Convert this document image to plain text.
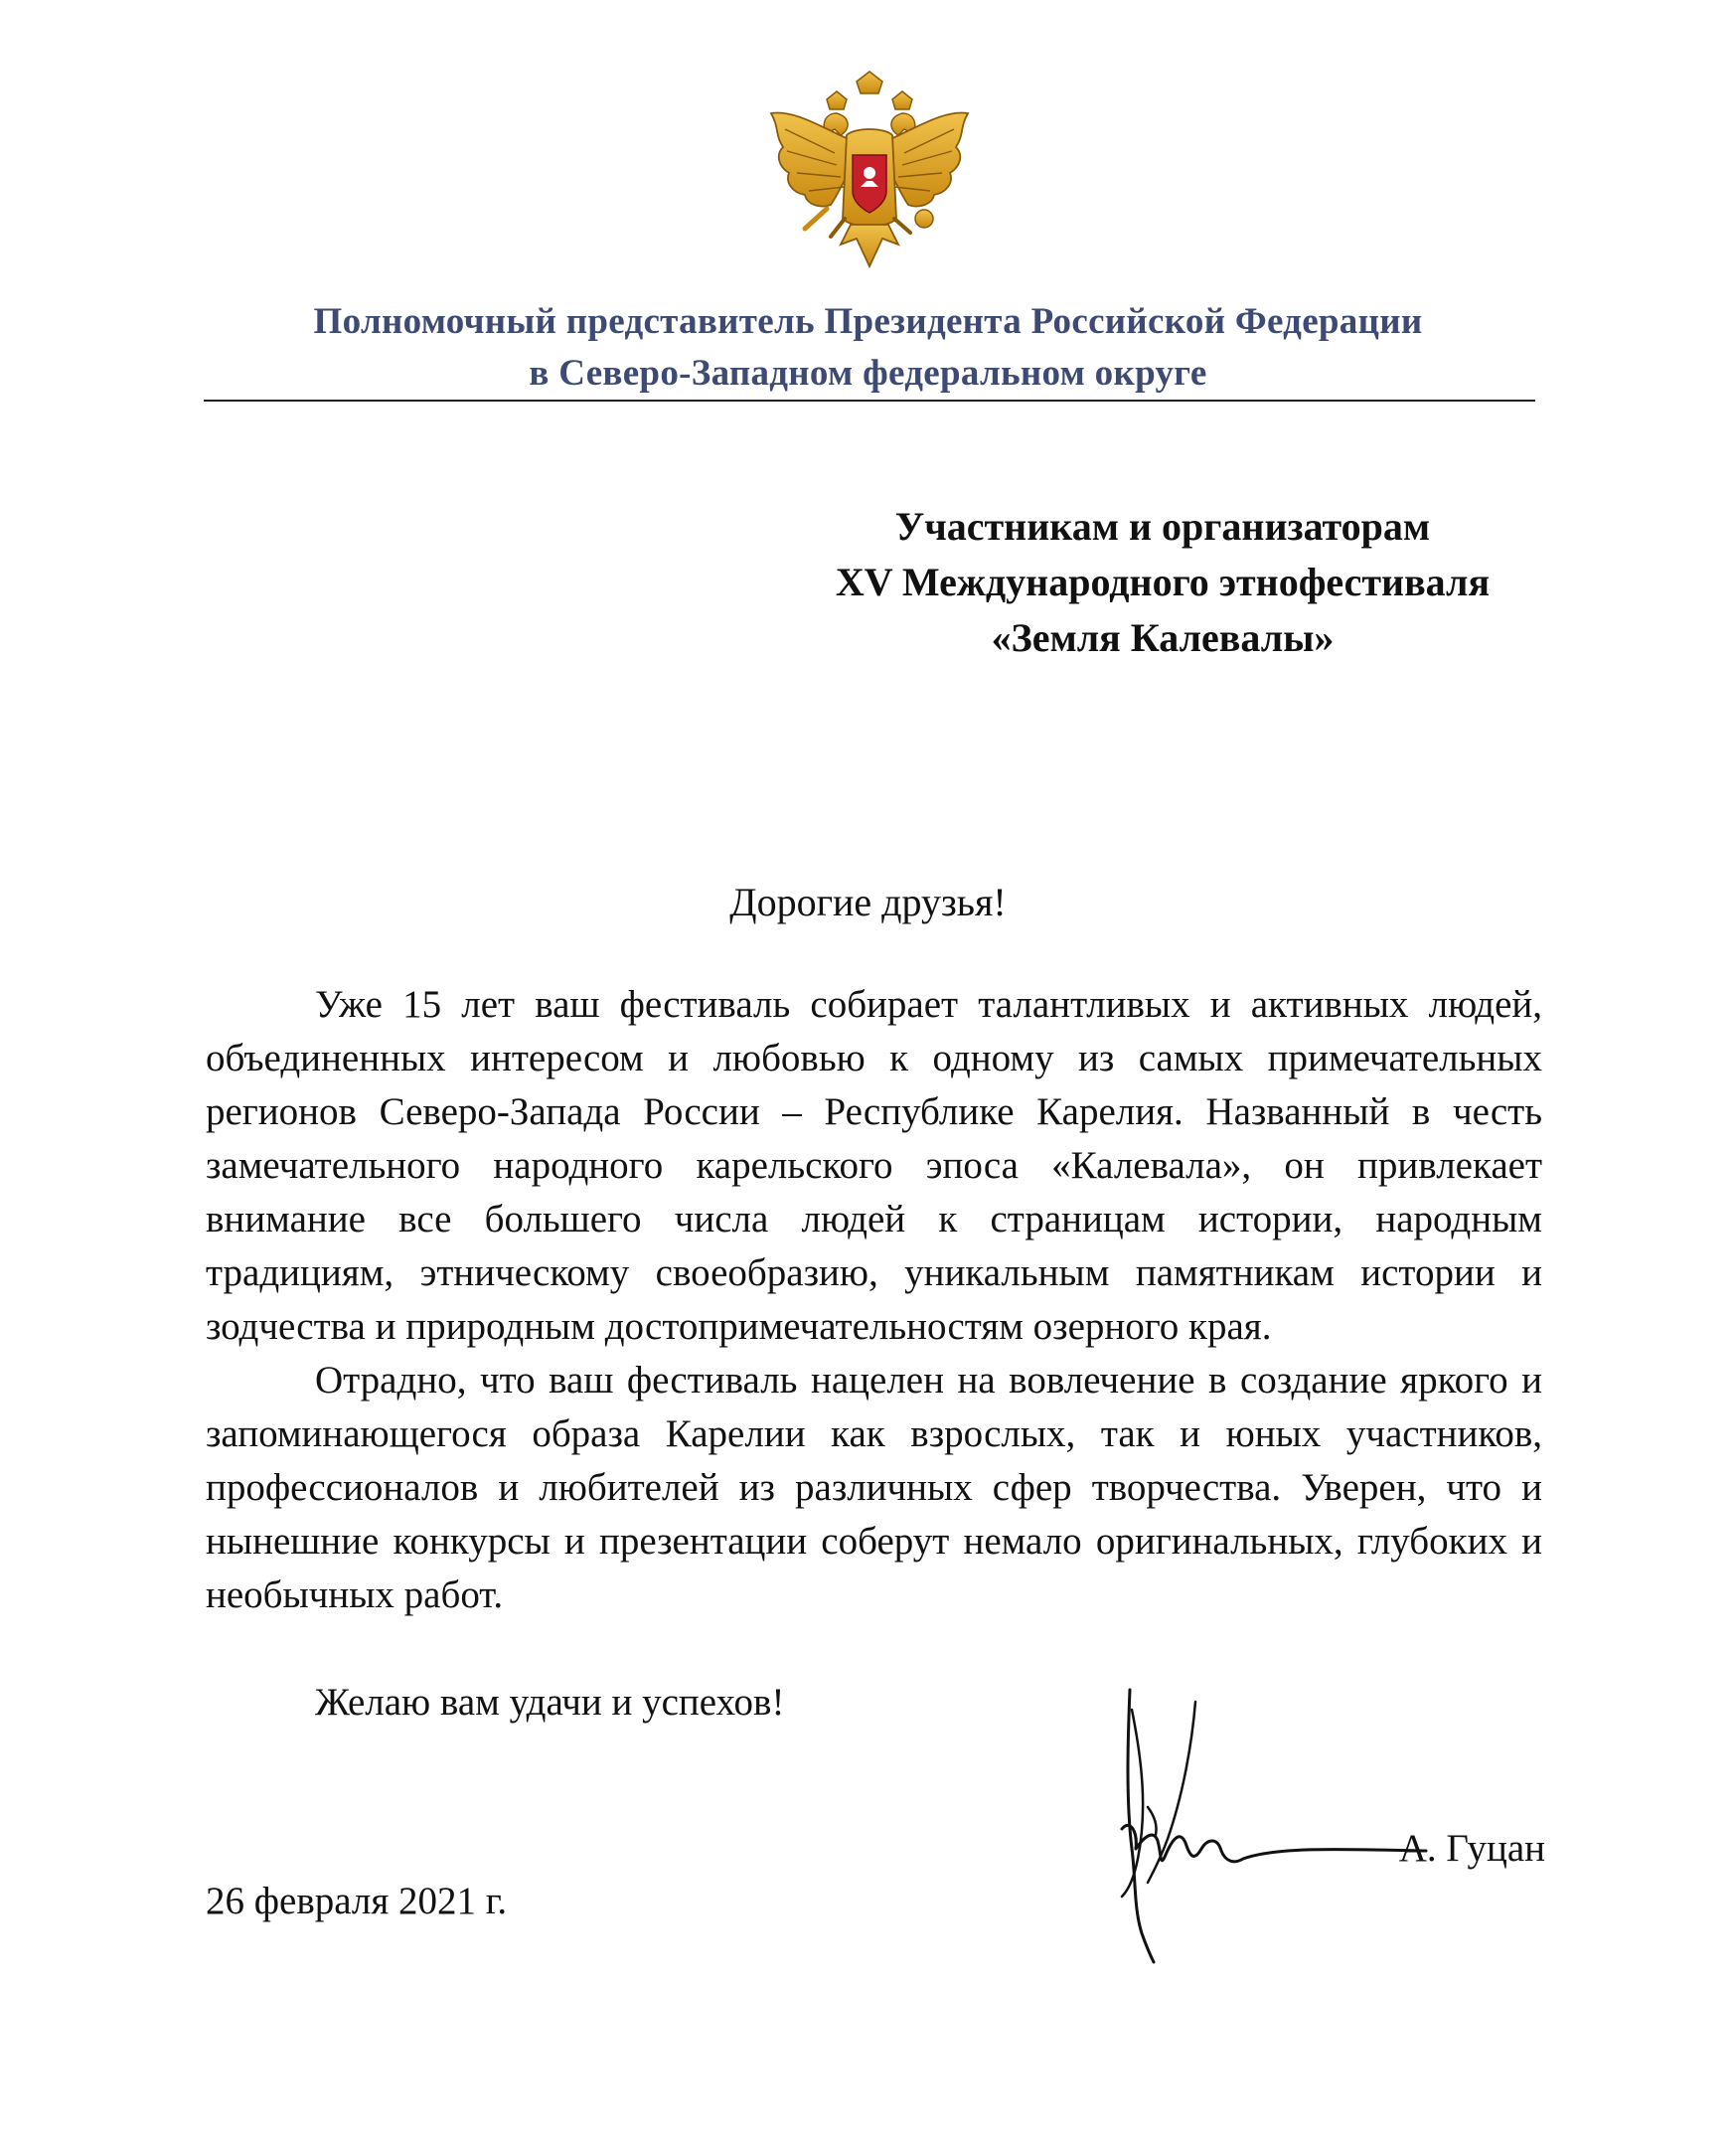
Полномочный представитель Президента Российской Федерации
в Северо-Западном федеральном округе
Участникам и организаторам
XV Международного этнофестиваля
«Земля Калевалы»
Дорогие друзья!

Уже 15 лет ваш фестиваль собирает талантливых и активных людей, объединенных интересом и любовью к одному из самых примечательных регионов Северо-Запада России – Республике Карелия. Названный в честь замечательного народного карельского эпоса «Калевала», он привлекает внимание все большего числа людей к страницам истории, народным традициям, этническому своеобразию, уникальным памятникам истории и зодчества и природным достопримечательностям озерного края.

Отрадно, что ваш фестиваль нацелен на вовлечение в создание яркого и запоминающегося образа Карелии как взрослых, так и юных участников, профессионалов и любителей из различных сфер творчества. Уверен, что и нынешние конкурсы и презентации соберут немало оригинальных, глубоких и необычных работ.

Желаю вам удачи и успехов!
А. Гуцан
26 февраля 2021 г.
